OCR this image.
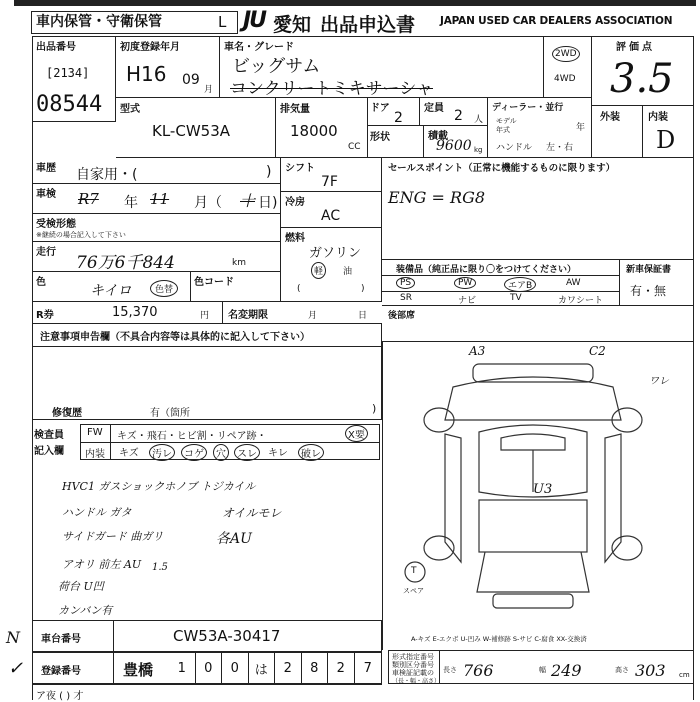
車内保管・守衛保管	L JU 愛知 出品申込書 JAPAN USED CAR DEALERS ASSOCIATION
出品番号
[2134]
08544
初度登録年月
H16 09
月
車名・グレード
ビッグサム
コンクリートミキサーシャ
2WD
4WD
評価点
3.5
型式
KL-CW53A
排気量
18000
CC
ドア
2
定員 2 人
形状	積載
9600 kg
ディーラー・並行
モデル
年式	年
ハンドル 左・右
外装	内装
D
車歴 自家用・(	)
車検 R7 年 11 月（ 十 日)
受検形態
※継続の場合記入して下さい
走行
76万6千844	km
色
キイロ	色替
色コード
R券	15,370	円 名変期限	月	日
シフト
7F
冷房
AC
燃料
ガソリン
軽	油
(	)
セールスポイント（正常に機能するものに限ります）
ENG = RG8
装備品（純正品に限り〇をつけてください）
PS	PW	エアB	AW
SR	ナビ	TV	カワシート
新車保証書
有・無
後部席
注意事項申告欄（不具合内容等は具体的に記入して下さい）
修復歴	有（箇所	)
検査員
記入欄
FW キズ・飛石・ヒビ割・リペア跡・	X要
内装 キズ	汚レ	コゲ	穴	スレ	キレ	破レ
HVC1 ガスショックホノブ トジカイル
ハンドル ガタ
サイドガード 曲ガリ
アオリ 前左 AU
荷台 U凹
カンバン有
オイルモレ
各AU
1.5
N
✓
A3	C2
ワレ
U3
T
スペア
A-キズ E-エクボ U-凹み W-補修跡 S-サビ C-腐食 XX-交換済
車台番号	CW53A-30417
登録番号	豊橋	1	0	0	は	2	8	2	7
ア夜 ( ) 才
形式指定番号
類別区分番号
車検証記載の
（長・幅・高さ）
長さ 766	幅 249	高さ 303 cm
